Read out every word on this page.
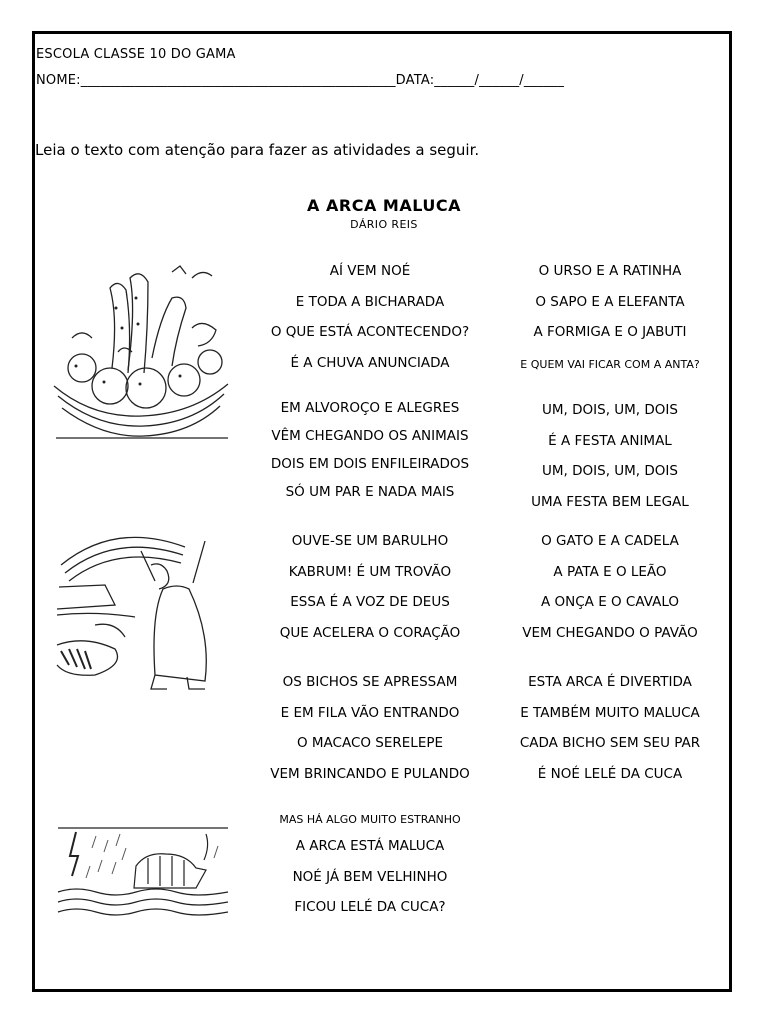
ESCOLA CLASSE 10 DO GAMA
NOME:_______________________________________________DATA:______/______/______
Leia o texto com atenção para fazer as atividades a seguir.
A ARCA MALUCA
DÁRIO REIS
AÍ VEM NOÉ
E TODA A BICHARADA
O QUE ESTÁ ACONTECENDO?
É A CHUVA ANUNCIADA
EM ALVOROÇO E ALEGRES
VÊM CHEGANDO OS ANIMAIS
DOIS EM DOIS ENFILEIRADOS
SÓ UM PAR E NADA MAIS
OUVE-SE UM BARULHO
KABRUM! É UM TROVÃO
ESSA É A VOZ DE DEUS
QUE ACELERA O CORAÇÃO
OS BICHOS SE APRESSAM
E EM FILA VÃO ENTRANDO
O MACACO SERELEPE
VEM BRINCANDO E PULANDO
MAS HÁ ALGO MUITO ESTRANHO
A ARCA ESTÁ MALUCA
NOÉ JÁ BEM VELHINHO
FICOU LELÉ DA CUCA?
O URSO E A RATINHA
O SAPO E A ELEFANTA
A FORMIGA E O JABUTI
E QUEM VAI FICAR COM A ANTA?
UM, DOIS, UM, DOIS
É A FESTA ANIMAL
UM, DOIS, UM, DOIS
UMA FESTA BEM LEGAL
O GATO E A CADELA
A PATA E O LEÃO
A ONÇA E O CAVALO
VEM CHEGANDO O PAVÃO
ESTA ARCA É DIVERTIDA
E TAMBÉM MUITO MALUCA
CADA BICHO SEM SEU PAR
É NOÉ LELÉ DA CUCA
